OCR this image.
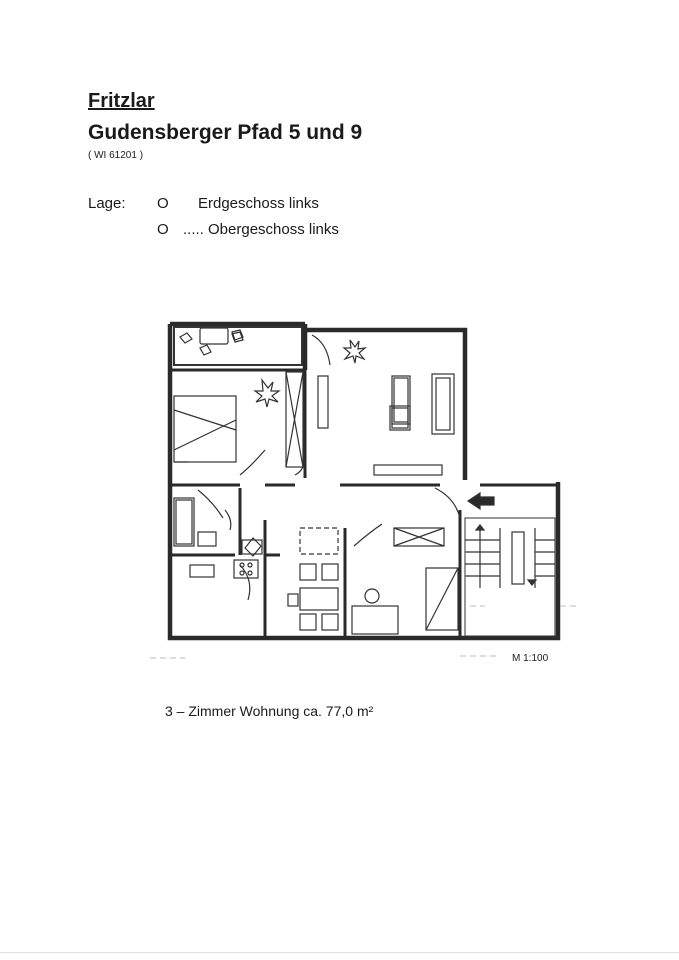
Fritzlar
Gudensberger Pfad 5 und 9
( WI 61201 )
Lage: O Erdgeschoss links
O ..... Obergeschoss links
M 1:100
3 – Zimmer Wohnung ca. 77,0 m²
